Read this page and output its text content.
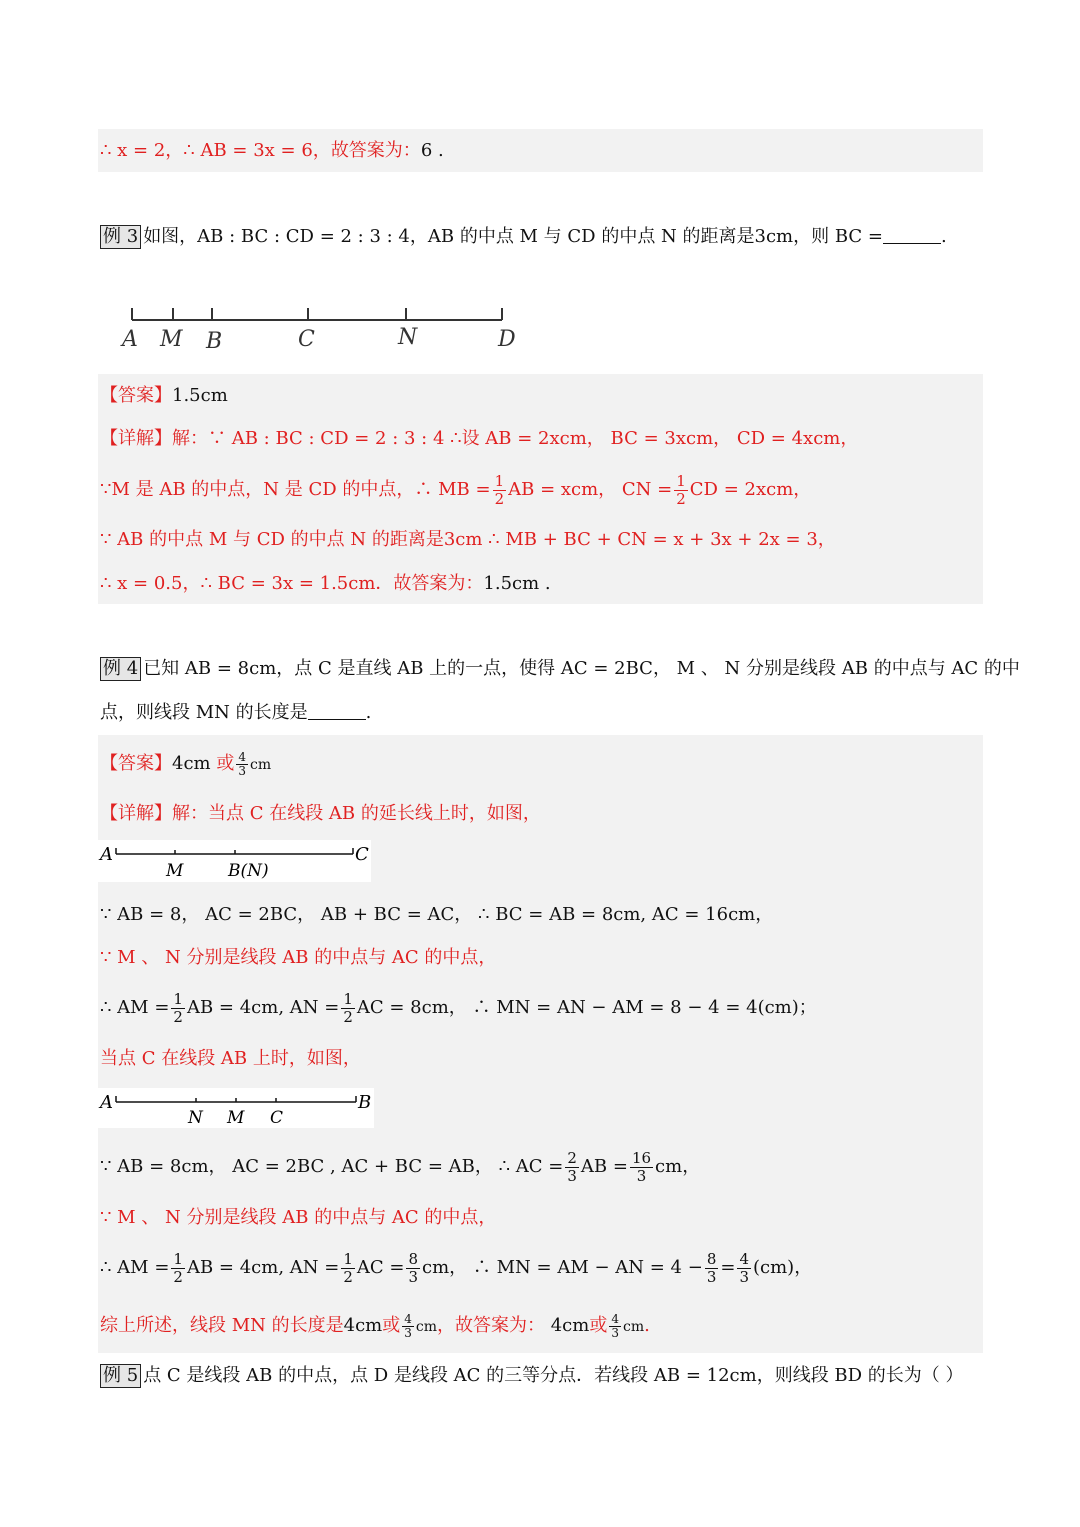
∴ x = 2，∴ AB = 3x = 6，故答案为：6 .
例 3 如图，AB : BC : CD = 2 : 3 : 4，AB 的中点 M 与 CD 的中点 N 的距离是3cm，则 BC =	.
A M B	C	N	D
【答案】1.5cm
【详解】解：∵ AB : BC : CD = 2 : 3 : 4 ∴设 AB = 2xcm， BC = 3xcm， CD = 4xcm，
∵M 是 AB 的中点，N 是 CD 的中点，∴ MB = $\frac{1}{2}$ AB = xcm， CN = $\frac{1}{2}$ CD = 2xcm，
∵ AB 的中点 M 与 CD 的中点 N 的距离是3cm ∴ MB + BC + CN = x + 3x + 2x = 3，
∴ x = 0.5，∴ BC = 3x = 1.5cm．故答案为：1.5cm .
例 4 已知 AB = 8cm，点 C 是直线 AB 上的一点，使得 AC = 2BC， M 、 N 分别是线段 AB 的中点与 AC 的中
点，则线段 MN 的长度是	.
【答案】4cm 或 $\frac{4}{3}$ cm
【详解】解：当点 C 在线段 AB 的延长线上时，如图，
A
M	B(N)
C
∵ AB = 8， AC = 2BC， AB + BC = AC， ∴ BC = AB = 8cm, AC = 16cm，
∵ M 、 N 分别是线段 AB 的中点与 AC 的中点，
∴ AM = $\frac{1}{2}$ AB = 4cm, AN = $\frac{1}{2}$ AC = 8cm， ∴ MN = AN − AM = 8 − 4 = 4(cm)；
当点 C 在线段 AB 上时，如图，
A
N M C
B
∵ AB = 8cm， AC = 2BC , AC + BC = AB， ∴ AC = $\frac{2}{3}$ AB = $\frac{16}{3}$ cm，
∵ M 、 N 分别是线段 AB 的中点与 AC 的中点，
∴ AM = $\frac{1}{2}$ AB = 4cm, AN = $\frac{1}{2}$ AC = $\frac{8}{3}$ cm， ∴ MN = AM − AN = $4 - \frac{8}{3} = \frac{4}{3} (cm)$，
综上所述，线段 MN 的长度是4cm或 $\frac{4}{3}$ cm，故答案为： 4cm或 $\frac{4}{3}$ cm.
例 5 点 C 是线段 AB 的中点，点 D 是线段 AC 的三等分点．若线段 AB = 12cm，则线段 BD 的长为（ ）
